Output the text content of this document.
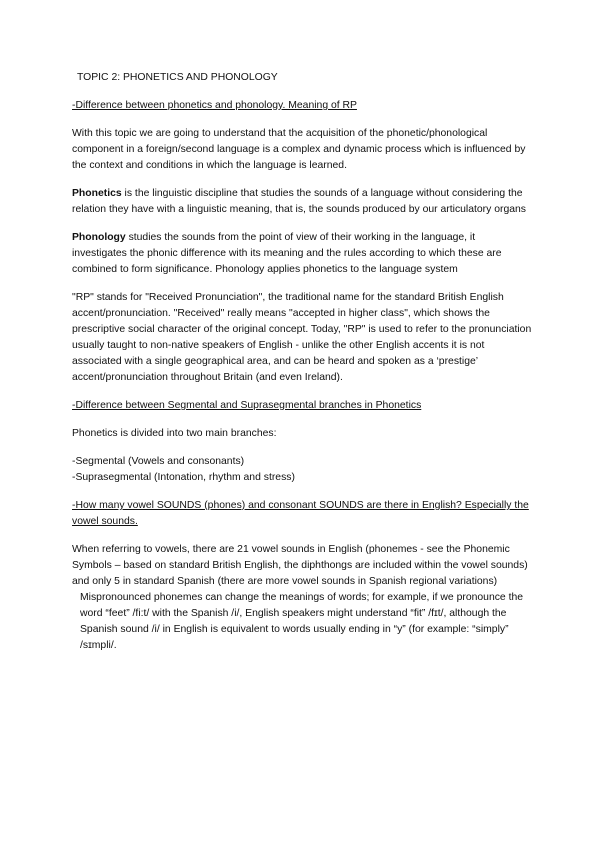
TOPIC 2: PHONETICS AND PHONOLOGY

-Difference between phonetics and phonology. Meaning of RP

With this topic we are going to understand that the acquisition of the phonetic/phonological component in a foreign/second language is a complex and dynamic process which is influenced by the context and conditions in which the language is learned.

Phonetics is the linguistic discipline that studies the sounds of a language without considering the relation they have with a linguistic meaning, that is, the sounds produced by our articulatory organs

Phonology studies the sounds from the point of view of their working in the language, it investigates the phonic difference with its meaning and the rules according to which these are combined to form significance. Phonology applies phonetics to the language system

"RP" stands for "Received Pronunciation", the traditional name for the standard British English accent/pronunciation. "Received" really means "accepted in higher class", which shows the prescriptive social character of the original concept. Today, "RP" is used to refer to the pronunciation usually taught to non-native speakers of English - unlike the other English accents it is not associated with a single geographical area, and can be heard and spoken as a ‘prestige’ accent/pronunciation throughout Britain (and even Ireland).

-Difference between Segmental and Suprasegmental branches in Phonetics

Phonetics is divided into two main branches:

-Segmental (Vowels and consonants)
-Suprasegmental (Intonation, rhythm and stress)

-How many vowel SOUNDS (phones) and consonant SOUNDS are there in English? Especially the vowel sounds.

When referring to vowels, there are 21 vowel sounds in English (phonemes - see the Phonemic Symbols – based on standard British English, the diphthongs are included within the vowel sounds) and only 5 in standard Spanish (there are more vowel sounds in Spanish regional variations)

Mispronounced phonemes can change the meanings of words; for example, if we pronounce the word “feet” /fi:t/ with the Spanish /i/, English speakers might understand “fit” /fɪt/, although the Spanish sound /i/ in English is equivalent to words usually ending in “y” (for example: “simply” /sɪmpli/.
